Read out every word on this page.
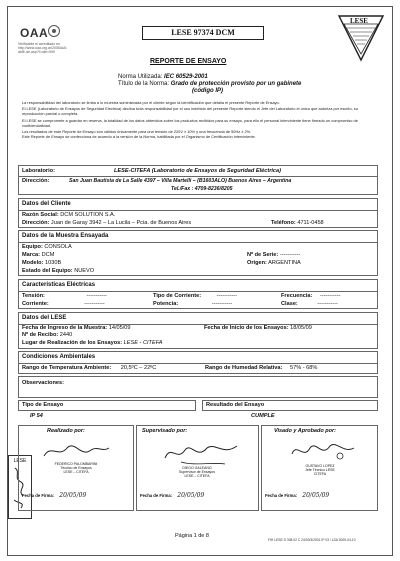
OAA
Verificable el acreditado en
http://www.oaa.org.ar/2006/AAI
abiE-de.asp?f=oile=909
LESE 97374 DCM
LESE
REPORTE DE ENSAYO
Norma Utilizada: IEC 60529-2001
Título de la Norma: Grado de protección provisto por un gabinete
(código IP)
La responsabilidad del laboratorio se limita a lo muestra suministrada por el cliente según la identificación que detalla el presente Reporte de Ensayo.
El LESE (Laboratorio de Ensayos de Seguridad Eléctrica) declina toda responsabilidad por el uso indebido del presente Reporte siendo el Jefe del Laboratorio el único que autoriza por escrito, su reproducción parcial o completa.
El LESE se compromete a guardar en reserva, la totalidad de los datos obtenidos sobre los productos recibidos para su ensayo, para ello el personal interviniente tiene firmado un compromiso de confidencialidad.
Los resultados de este Reporte de Ensayo son válidos únicamente para una tensión de 220V ± 10% y una frecuencia de 50Hz ± 2%.
Este Reporte de Ensayo se confecciona de acuerdo a la versión de la Norma, habilitada por el Organismo de Certificación interviniente.
Laboratorio:	LESE-CITEFA (Laboratorio de Ensayos de Seguridad Eléctrica)
Dirección:	San Juan Bautista de La Salle 4397 – Villa Martelli – (B1603ALO) Buenos Aires – Argentina
Tel./Fax : 4709-8236/8205
Datos del Cliente
Razón Social: DCM SOLUTION S.A.
Dirección: Juan de Garay 3942 – La Lucila – Pcia. de Buenos Aires	Teléfono: 4711-0458
Datos de la Muestra Ensayada
Equipo: CONSOLA
Marca: DCM	Nº de Serie: -----------
Modelo: 1030B	Origen: ARGENTINA
Estado del Equipo: NUEVO
Características Eléctricas
Tensión:	-----------	Tipo de Corriente:	-----------	Frecuencia: -----------
Corriente:	-----------	Potencia:	-----------	Clase:	-----------
Datos del LESE
Fecha de Ingreso de la Muestra: 14/05/09	Fecha de Inicio de los Ensayos: 18/05/09
Nº de Recibo: 2440
Lugar de Realización de los Ensayos: LESE - CITEFA
Condiciones Ambientales
Rango de Temperatura Ambiente: 20,5ºC – 22ºC	Rango de Humedad Relativa: 57% - 68%
Observaciones:
Tipo de Ensayo	Resultado del Ensayo
IP 54	CUMPLE
LESE
Realizado por:
FEDERICO PALOMBARINI
Técnico de Ensayos
LESE – CITEFA
Fecha de Firma: 20/05/09
Supervisado por:
DIEGO GALEANO
Supervisor de Ensayos
LESE – CITEFA
Fecha de Firma: 20/05/09
Visado y Aprobado por:
GUSTAVO LOPEZ
Jefe Técnico LESE
CITEFA
Fecha de Firma: 20/05/09
Página 1 de 8
FIH LESE D 308.02 C 24/03/3/2001 IP 03 / LSA 3009-04-10
